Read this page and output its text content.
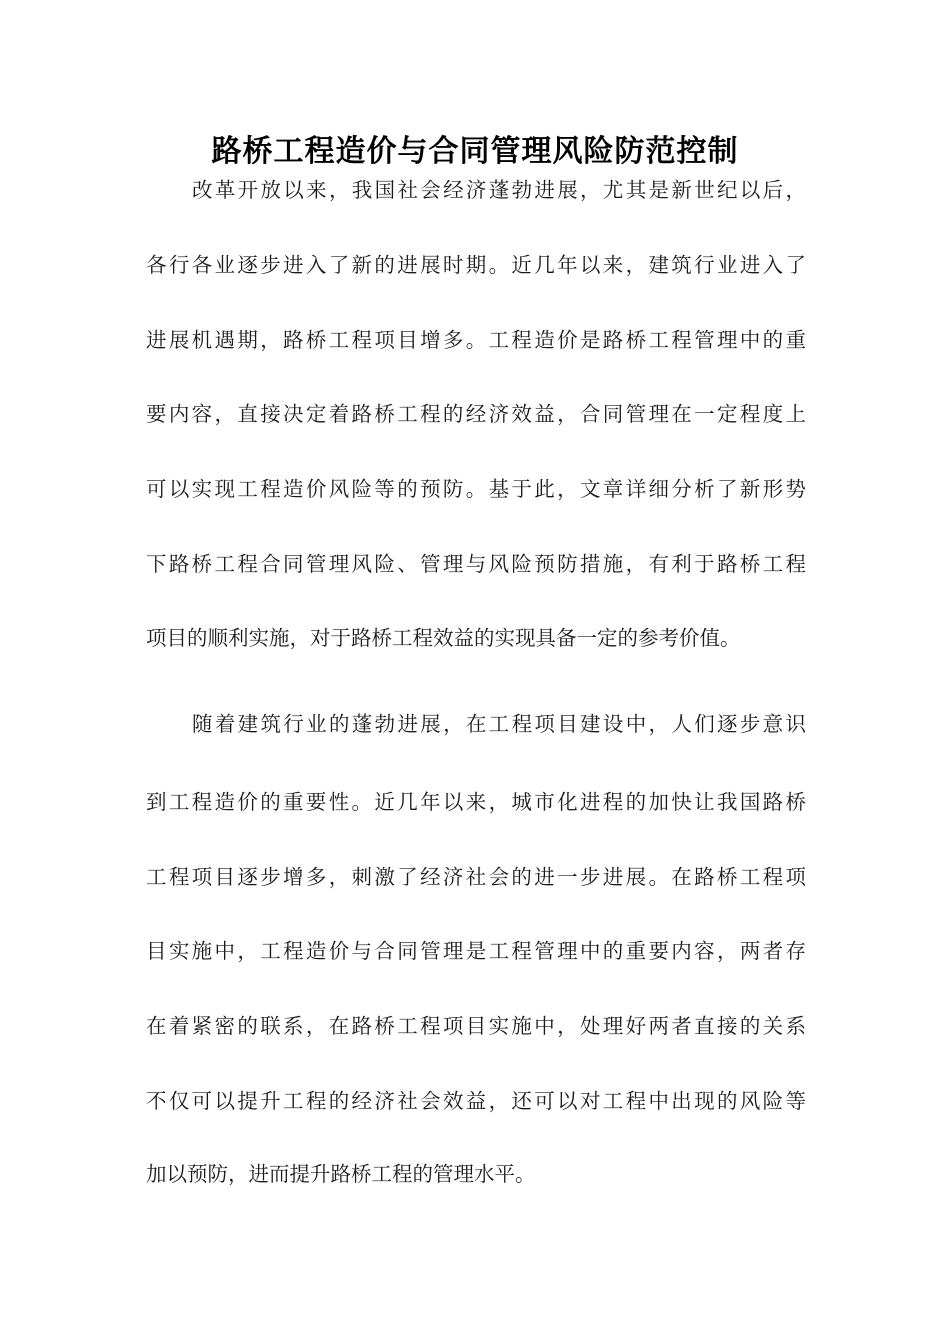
路桥工程造价与合同管理风险防范控制
改革开放以来，我国社会经济蓬勃进展，尤其是新世纪以后，
各行各业逐步进入了新的进展时期。近几年以来，建筑行业进入了
进展机遇期，路桥工程项目增多。工程造价是路桥工程管理中的重
要内容，直接决定着路桥工程的经济效益，合同管理在一定程度上
可以实现工程造价风险等的预防。基于此，文章详细分析了新形势
下路桥工程合同管理风险、管理与风险预防措施，有利于路桥工程
项目的顺利实施，对于路桥工程效益的实现具备一定的参考价值。
随着建筑行业的蓬勃进展，在工程项目建设中，人们逐步意识
到工程造价的重要性。近几年以来，城市化进程的加快让我国路桥
工程项目逐步增多，刺激了经济社会的进一步进展。在路桥工程项
目实施中，工程造价与合同管理是工程管理中的重要内容，两者存
在着紧密的联系，在路桥工程项目实施中，处理好两者直接的关系
不仅可以提升工程的经济社会效益，还可以对工程中出现的风险等
加以预防，进而提升路桥工程的管理水平。
